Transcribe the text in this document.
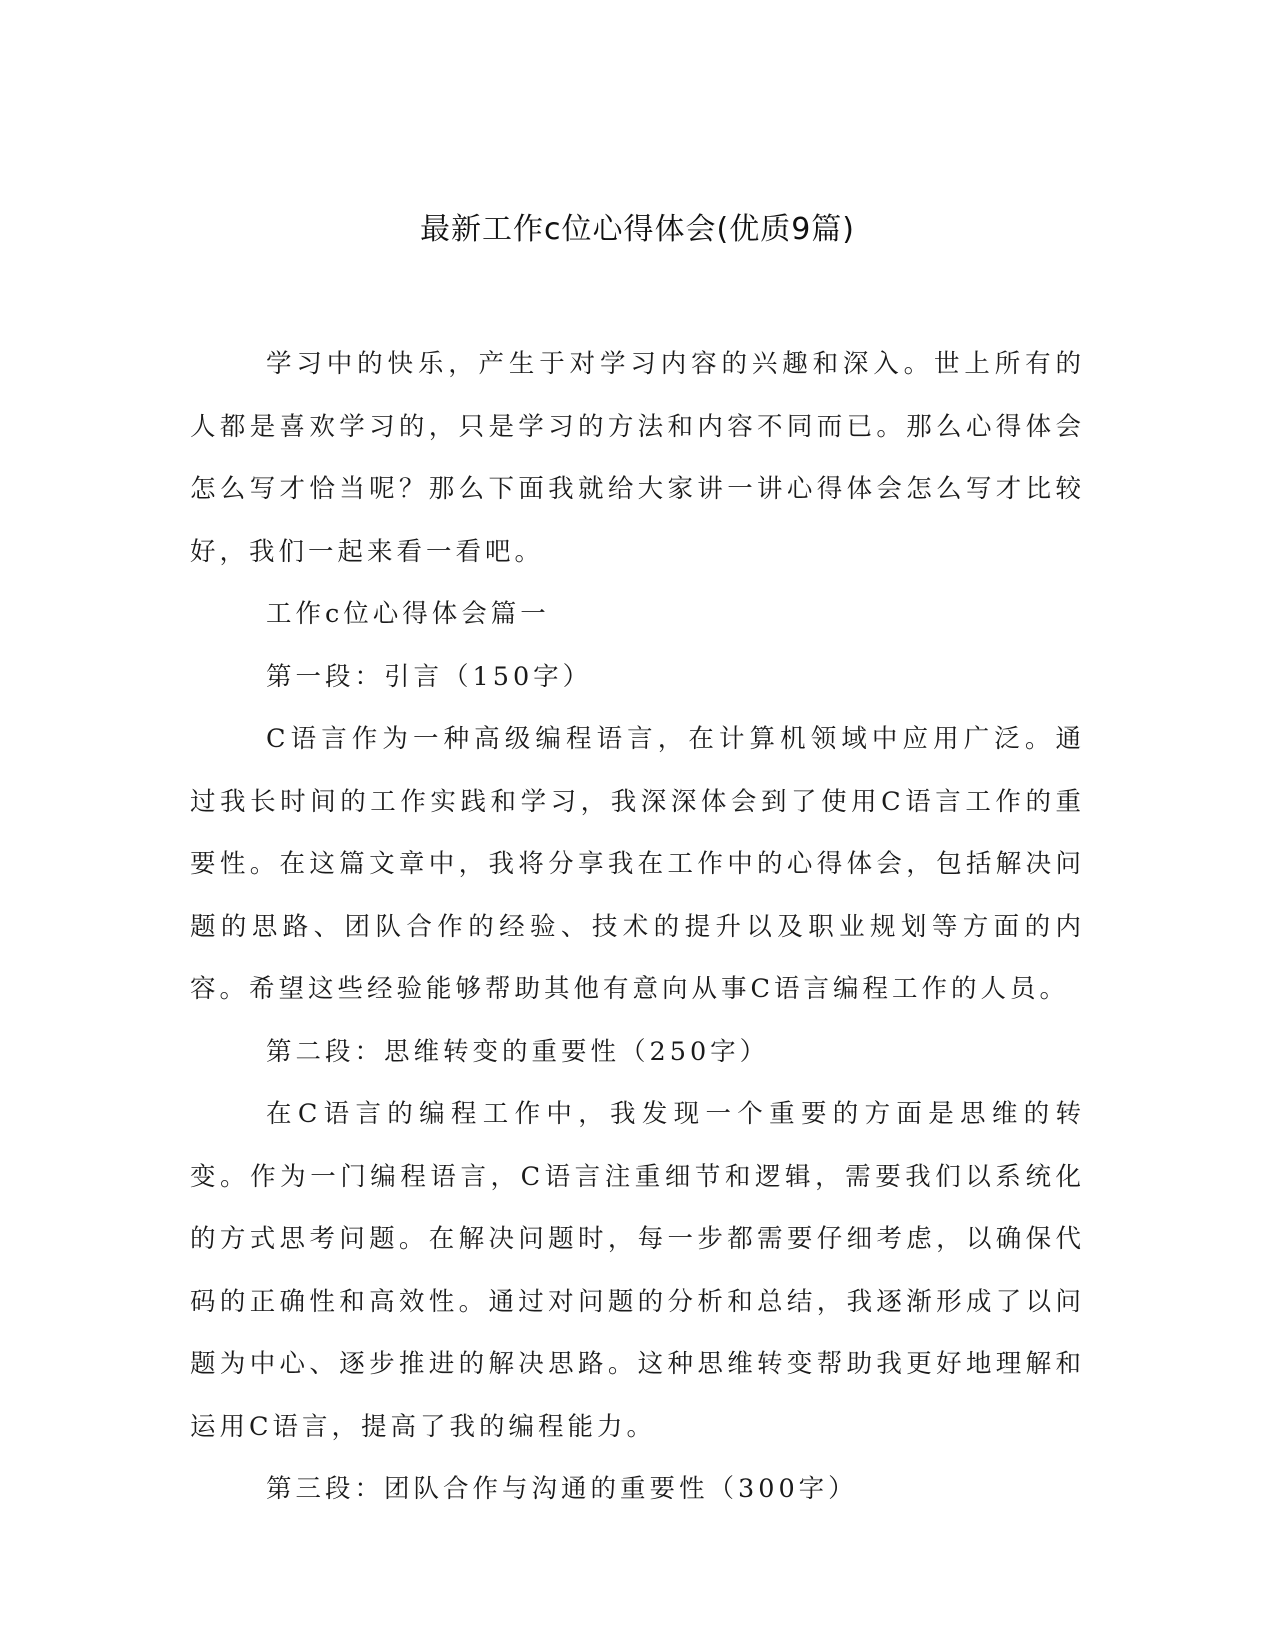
最新工作c位心得体会(优质9篇)

学习中的快乐，产生于对学习内容的兴趣和深入。世上所有的人都是喜欢学习的，只是学习的方法和内容不同而已。那么心得体会怎么写才恰当呢？那么下面我就给大家讲一讲心得体会怎么写才比较好，我们一起来看一看吧。

工作c位心得体会篇一

第一段：引言（150字）

C语言作为一种高级编程语言，在计算机领域中应用广泛。通过我长时间的工作实践和学习，我深深体会到了使用C语言工作的重要性。在这篇文章中，我将分享我在工作中的心得体会，包括解决问题的思路、团队合作的经验、技术的提升以及职业规划等方面的内容。希望这些经验能够帮助其他有意向从事C语言编程工作的人员。

第二段：思维转变的重要性（250字）

在C语言的编程工作中，我发现一个重要的方面是思维的转变。作为一门编程语言，C语言注重细节和逻辑，需要我们以系统化的方式思考问题。在解决问题时，每一步都需要仔细考虑，以确保代码的正确性和高效性。通过对问题的分析和总结，我逐渐形成了以问题为中心、逐步推进的解决思路。这种思维转变帮助我更好地理解和运用C语言，提高了我的编程能力。

第三段：团队合作与沟通的重要性（300字）
